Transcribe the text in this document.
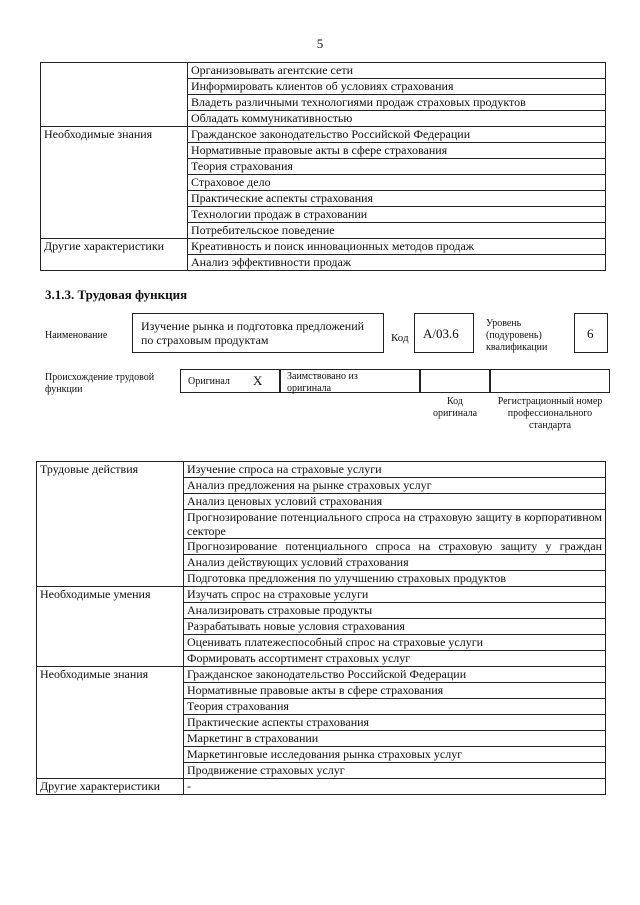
5
	Организовывать агентские сети
	Информировать клиентов об условиях страхования
	Владеть различными технологиями продаж страховых продуктов
	Обладать коммуникативностью
Необходимые знания	Гражданское законодательство Российской Федерации
	Нормативные правовые акты в сфере страхования
	Теория страхования
	Страховое дело
	Практические аспекты страхования
	Технологии продаж в страховании
	Потребительское поведение
Другие характеристики	Креативность и поиск инновационных методов продаж
	Анализ эффективности продаж
3.1.3. Трудовая функция
Наименование
Изучение рынка и подготовка предложений по страховым продуктам	Код A/03.6
Уровень (подуровень) квалификации
6
Происхождение трудовой функции
Оригинал X Заимствовано из оригинала
Код оригинала
Регистрационный номер профессионального стандарта
Трудовые действия	Изучение спроса на страховые услуги
	Анализ предложения на рынке страховых услуг
	Анализ ценовых условий страхования
	Прогнозирование потенциального спроса на страховую защиту в корпоративном секторе
	Прогнозирование потенциального спроса на страховую защиту у граждан
	Анализ действующих условий страхования
	Подготовка предложения по улучшению страховых продуктов
Необходимые умения	Изучать спрос на страховые услуги
	Анализировать страховые продукты
	Разрабатывать новые условия страхования
	Оценивать платежеспособный спрос на страховые услуги
	Формировать ассортимент страховых услуг
Необходимые знания	Гражданское законодательство Российской Федерации
	Нормативные правовые акты в сфере страхования
	Теория страхования
	Практические аспекты страхования
	Маркетинг в страховании
	Маркетинговые исследования рынка страховых услуг
	Продвижение страховых услуг
Другие характеристики	-
